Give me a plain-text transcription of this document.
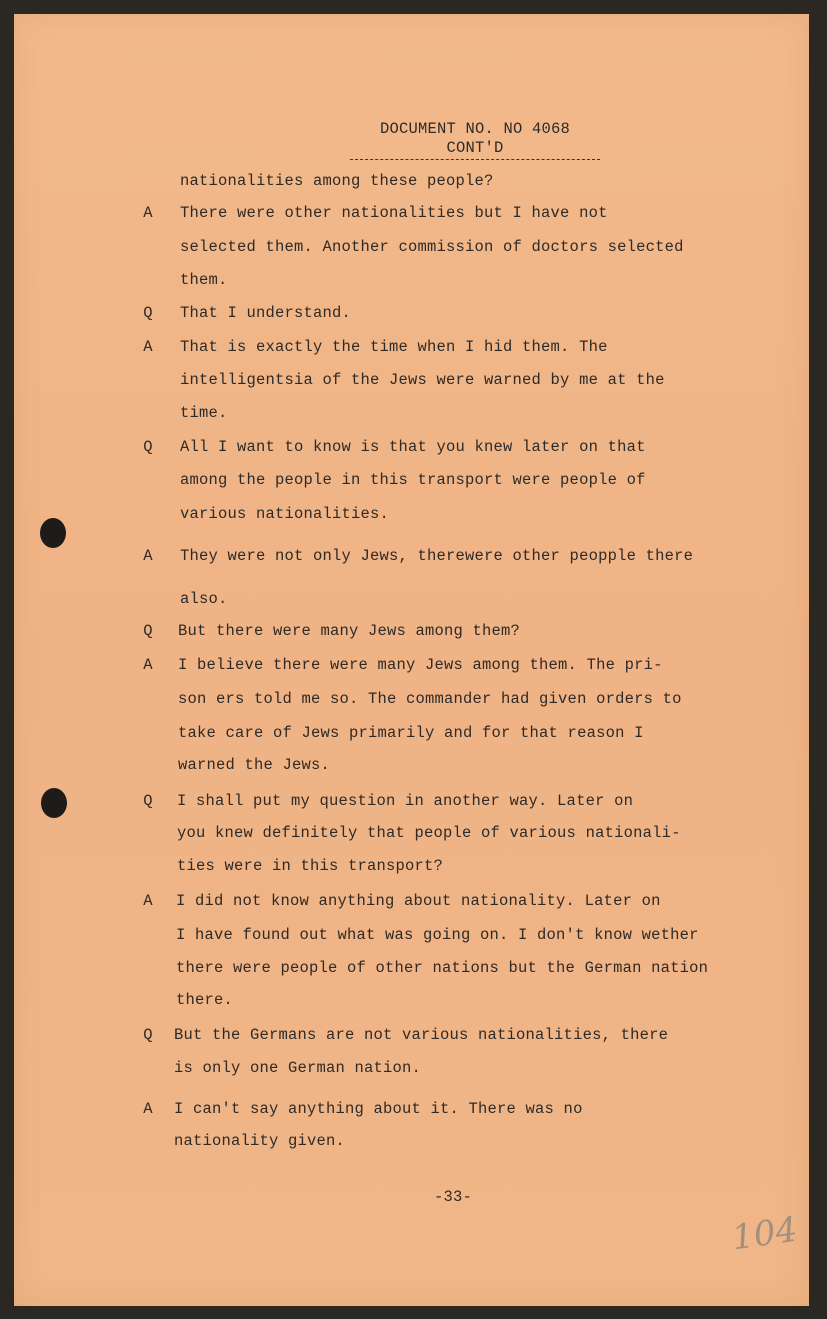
DOCUMENT NO. NO 4068

CONT'D
nationalities among these people?
A	There were other nationalities but I have not
selected them. Another commission of doctors selected
them.
Q	That I understand.
A	That is exactly the time when I hid them. The
intelligentsia of the Jews were warned by me at the
time.
Q	All I want to know is that you knew later on that
among the people in this transport were people of
various nationalities.
A	They were not only Jews, therewere other peopple there
also.
Q	But there were many Jews among them?
A	I believe there were many Jews among them. The pri-
son ers told me so. The commander had given orders to
take care of Jews primarily and for that reason I
warned the Jews.
Q	I shall put my question in another way. Later on
you knew definitely that people of various nationali-
ties were in this transport?
A	I did not know anything about nationality. Later on
I have found out what was going on. I don't know wether
there were people of other nations but the German nation
there.
Q	But the Germans are not various nationalities, there
is only one German nation.
A	I can't say anything about it. There was no
nationality given.
-33-
104
